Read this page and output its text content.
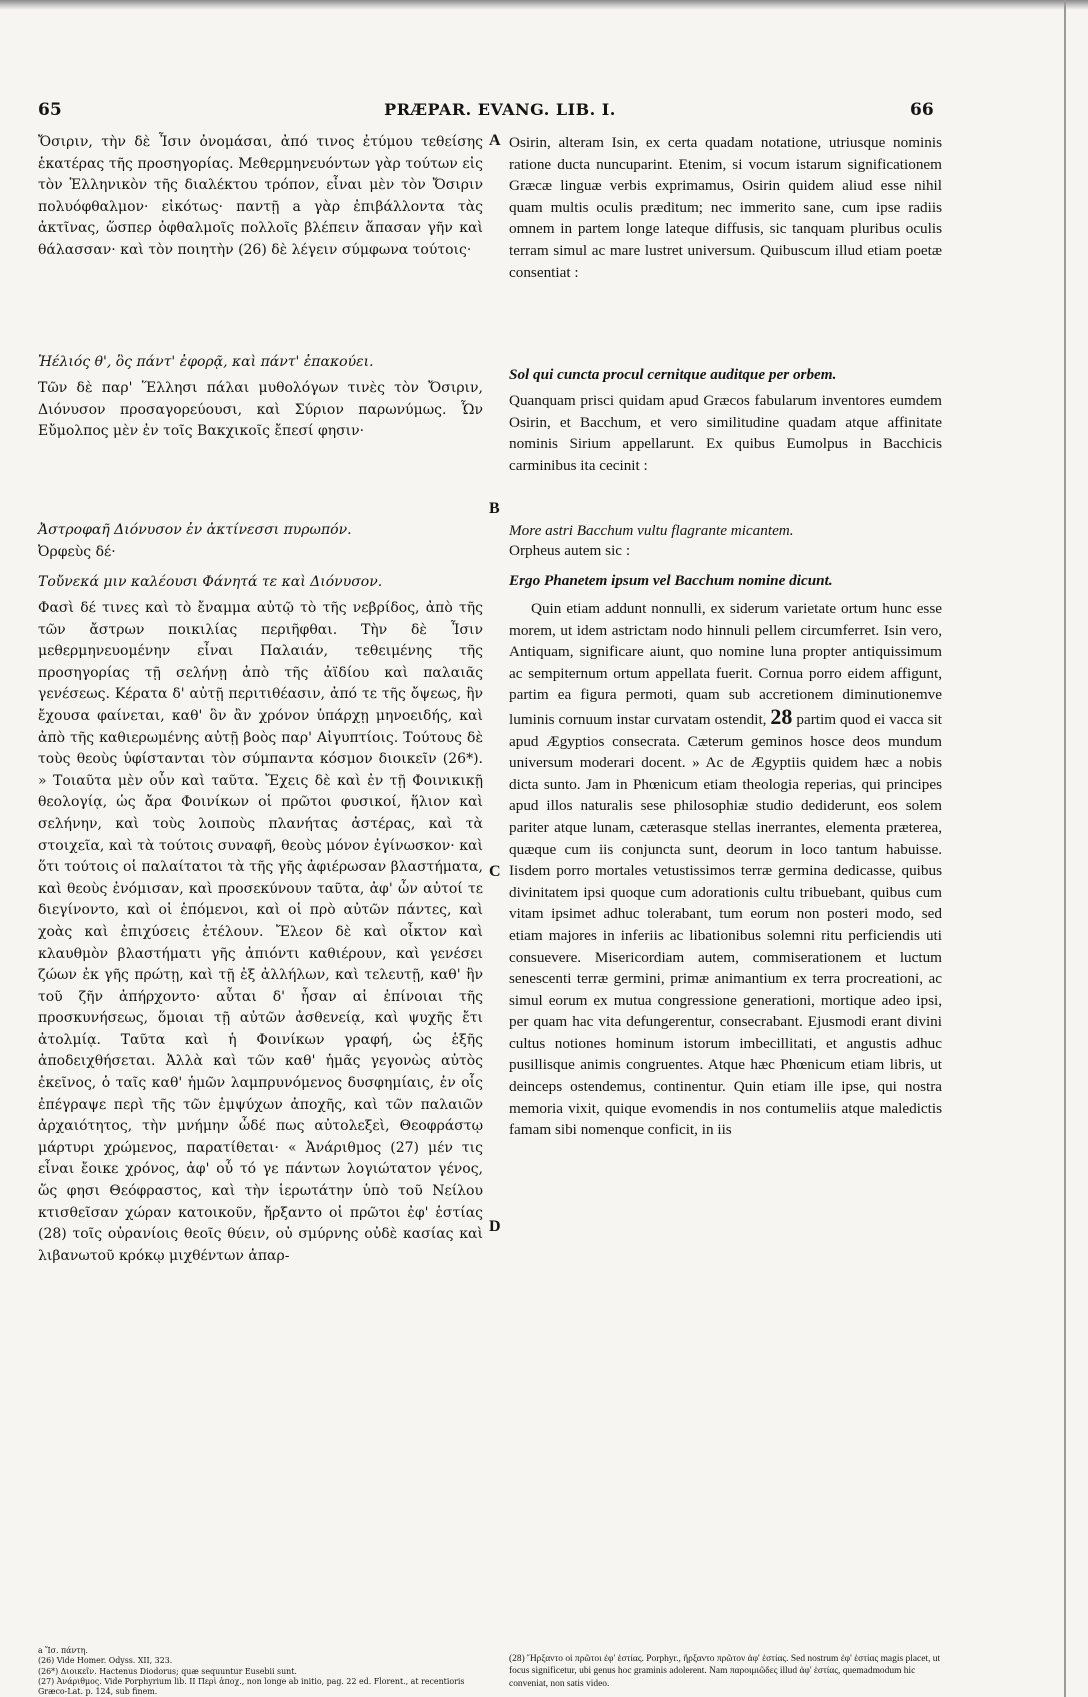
65	PRÆPAR. EVANG. LIB. I.	66

Ὄσιριν, τὴν δὲ Ἶσιν ὀνομάσαι, ἀπό τινος ἐτύμου τεθείσης ἑκατέρας τῆς προσηγορίας. Μεθερμηνευόντων γὰρ τούτων εἰς τὸν Ἑλληνικὸν τῆς διαλέκτου τρόπον, εἶναι μὲν τὸν Ὄσιριν πολυόφθαλμον· εἰκότως· παντῇ a γὰρ ἐπιβάλλοντα τὰς ἀκτῖνας, ὥσπερ ὀφθαλμοῖς πολλοῖς βλέπειν ἅπασαν γῆν καὶ θάλασσαν· καὶ τὸν ποιητὴν (26) δὲ λέγειν σύμφωνα τούτοις·

Ἠέλιός θ', ὃς πάντ' ἐφορᾷ, καὶ πάντ' ἐπακούει.

Τῶν δὲ παρ' Ἕλλησι πάλαι μυθολόγων τινὲς τὸν Ὄσιριν, Διόνυσον προσαγορεύουσι, καὶ Σύριον παρωνύμως. Ὧν Εὔμολπος μὲν ἐν τοῖς Βακχικοῖς ἔπεσί φησιν·

Ἀστροφαῆ Διόνυσον ἐν ἀκτίνεσσι πυρωπόν.

Ὀρφεὺς δέ·

Τοὔνεκά μιν καλέουσι Φάνητά τε καὶ Διόνυσον.

Φασὶ δέ τινες καὶ τὸ ἔναμμα αὐτῷ τὸ τῆς νεβρίδος, ἀπὸ τῆς τῶν ἄστρων ποικιλίας περιῆφθαι. Τὴν δὲ Ἶσιν μεθερμηνευομένην εἶναι Παλαιάν, τεθειμένης τῆς προσηγορίας τῇ σελήνῃ ἀπὸ τῆς ἀϊδίου καὶ παλαιᾶς γενέσεως. Κέρατα δ' αὐτῇ περιτιθέασιν, ἀπό τε τῆς ὄψεως, ἣν ἔχουσα φαίνεται, καθ' ὃν ἂν χρόνον ὑπάρχῃ μηνοειδής, καὶ ἀπὸ τῆς καθιερωμένης αὐτῇ βοὸς παρ' Αἰγυπτίοις. Τούτους δὲ τοὺς θεοὺς ὑφίστανται τὸν σύμπαντα κόσμον διοικεῖν (26*). » Τοιαῦτα μὲν οὖν καὶ ταῦτα. Ἔχεις δὲ καὶ ἐν τῇ Φοινικικῇ θεολογίᾳ, ὡς ἄρα Φοινίκων οἱ πρῶτοι φυσικοί, ἥλιον καὶ σελήνην, καὶ τοὺς λοιποὺς πλανήτας ἀστέρας, καὶ τὰ στοιχεῖα, καὶ τὰ τούτοις συναφῆ, θεοὺς μόνον ἐγίνωσκον· καὶ ὅτι τούτοις οἱ παλαίτατοι τὰ τῆς γῆς ἀφιέρωσαν βλαστήματα, καὶ θεοὺς ἐνόμισαν, καὶ προσεκύνουν ταῦτα, ἀφ' ὧν αὐτοί τε διεγίνοντο, καὶ οἱ ἑπόμενοι, καὶ οἱ πρὸ αὐτῶν πάντες, καὶ χοὰς καὶ ἐπιχύσεις ἐτέλουν. Ἔλεον δὲ καὶ οἶκτον καὶ κλαυθμὸν βλαστήματι γῆς ἀπιόντι καθιέρουν, καὶ γενέσει ζώων ἐκ γῆς πρώτῃ, καὶ τῇ ἐξ ἀλλήλων, καὶ τελευτῇ, καθ' ἣν τοῦ ζῆν ἀπήρχοντο· αὗται δ' ἦσαν αἱ ἐπίνοιαι τῆς προσκυνήσεως, ὅμοιαι τῇ αὐτῶν ἀσθενείᾳ, καὶ ψυχῆς ἔτι ἀτολμίᾳ. Ταῦτα καὶ ἡ Φοινίκων γραφή, ὡς ἑξῆς ἀποδειχθήσεται. Ἀλλὰ καὶ τῶν καθ' ἡμᾶς γεγονὼς αὐτὸς ἐκεῖνος, ὁ ταῖς καθ' ἡμῶν λαμπρυνόμενος δυσφημίαις, ἐν οἷς ἐπέγραψε περὶ τῆς τῶν ἐμψύχων ἀποχῆς, καὶ τῶν παλαιῶν ἀρχαιότητος, τὴν μνήμην ὧδέ πως αὐτολεξεὶ, Θεοφράστῳ μάρτυρι χρώμενος, παρατίθεται· « Ἀνάριθμος (27) μέν τις εἶναι ἔοικε χρόνος, ἀφ' οὗ τό γε πάντων λογιώτατον γένος, ὥς φησι Θεόφραστος, καὶ τὴν ἱερωτάτην ὑπὸ τοῦ Νείλου κτισθεῖσαν χώραν κατοικοῦν, ἤρξαντο οἱ πρῶτοι ἐφ' ἑστίας (28) τοῖς οὐρανίοις θεοῖς θύειν, οὐ σμύρνης οὐδὲ κασίας καὶ λιβανωτοῦ κρόκῳ μιχθέντων ἀπαρ-

A
B
C
D

Osirin, alteram Isin, ex certa quadam notatione, utriusque nominis ratione ducta nuncuparint. Etenim, si vocum istarum significationem Græcæ linguæ verbis exprimamus, Osirin quidem aliud esse nihil quam multis oculis præditum; nec immerito sane, cum ipse radiis omnem in partem longe lateque diffusis, sic tanquam pluribus oculis terram simul ac mare lustret universum. Quibuscum illud etiam poetæ consentiat :

Sol qui cuncta procul cernitque auditque per orbem.

Quanquam prisci quidam apud Græcos fabularum inventores eumdem Osirin, et Bacchum, et vero similitudine quadam atque affinitate nominis Sirium appellarunt. Ex quibus Eumolpus in Bacchicis carminibus ita cecinit :

More astri Bacchum vultu flagrante micantem.

Orpheus autem sic :

Ergo Phanetem ipsum vel Bacchum nomine dicunt.

Quin etiam addunt nonnulli, ex siderum varietate ortum hunc esse morem, ut idem astrictam nodo hinnuli pellem circumferret. Isin vero, Antiquam, significare aiunt, quo nomine luna propter antiquissimum ac sempiternum ortum appellata fuerit. Cornua porro eidem affigunt, partim ea figura permoti, quam sub accretionem diminutionemve luminis cornuum instar curvatam ostendit, 28 partim quod ei vacca sit apud Ægyptios consecrata. Cæterum geminos hosce deos mundum universum moderari docent. » Ac de Ægyptiis quidem hæc a nobis dicta sunto. Jam in Phœnicum etiam theologia reperias, qui principes apud illos naturalis sese philosophiæ studio dediderunt, eos solem pariter atque lunam, cæterasque stellas inerrantes, elementa præterea, quæque cum iis conjuncta sunt, deorum in loco tantum habuisse. Iisdem porro mortales vetustissimos terræ germina dedicasse, quibus divinitatem ipsi quoque cum adorationis cultu tribuebant, quibus cum vitam ipsimet adhuc tolerabant, tum eorum non posteri modo, sed etiam majores in inferiis ac libationibus solemni ritu perficiendis uti consuevere. Misericordiam autem, commiserationem et luctum senescenti terræ germini, primæ animantium ex terra procreationi, ac simul eorum ex mutua congressione generationi, mortique adeo ipsi, per quam hac vita defungerentur, consecrabant. Ejusmodi erant divini cultus notiones hominum istorum imbecillitati, et angustis adhuc pusillisque animis congruentes. Atque hæc Phœnicum etiam libris, ut deinceps ostendemus, continentur. Quin etiam ille ipse, qui nostra memoria vixit, quique evomendis in nos contumeliis atque maledictis famam sibi nomenque conficit, in iis

a Ἴσ. πάντη.

(26) Vide Homer. Odyss. XII, 323.

(26*) Διοικεῖν. Hactenus Diodorus; quæ sequuntur Eusebii sunt.

(27) Ἀνάριθμος. Vide Porphyrium lib. II Περὶ ἀποχ., non longe ab initio, pag. 22 ed. Florent., at recentioris Græco-Lat. p. 124, sub finem.

(28) Ἤρξαντο οἱ πρῶτοι ἐφ' ἑστίας. Porphyr., ἤρξαντο πρῶτον ἀφ' ἑστίας. Sed nostrum ἐφ' ἑστίας magis placet, ut focus significetur, ubi genus hoc graminis adolerent. Nam παροιμιῶδες illud ἀφ' ἑστίας, quemadmodum hic conveniat, non satis video.
